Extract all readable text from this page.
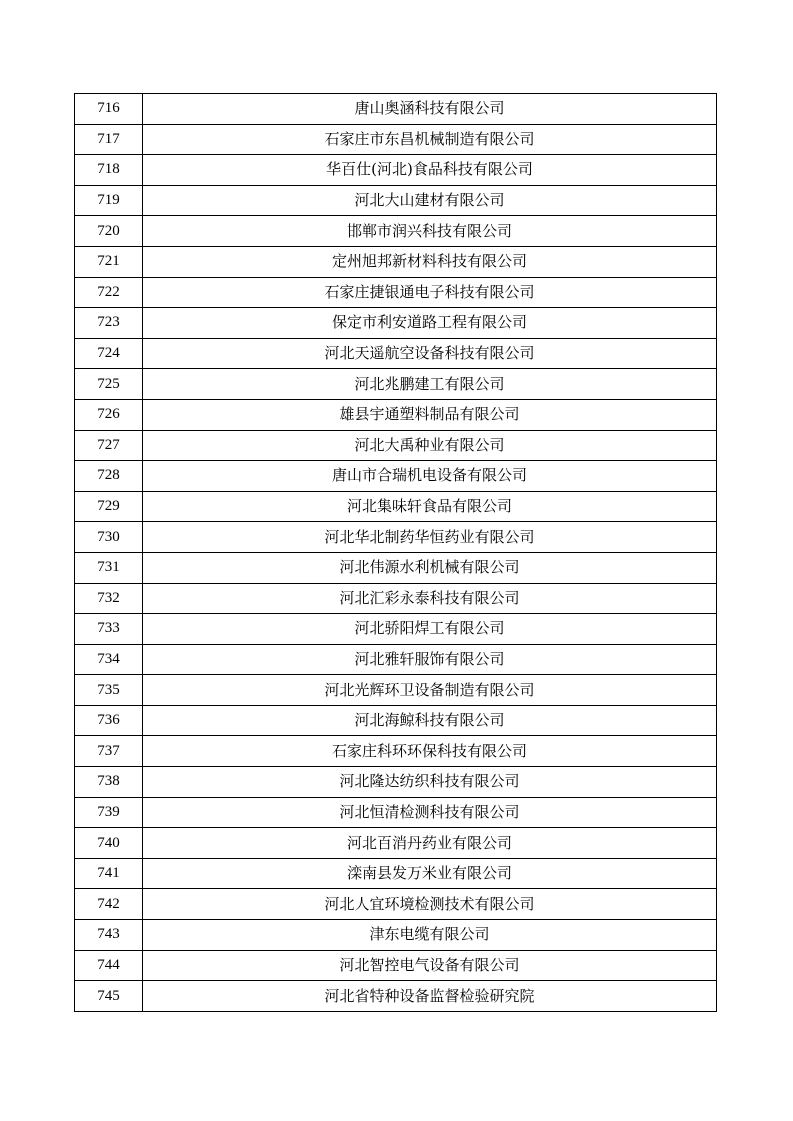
716	唐山奥涵科技有限公司
717	石家庄市东昌机械制造有限公司
718	华百仕(河北)食品科技有限公司
719	河北大山建材有限公司
720	邯郸市润兴科技有限公司
721	定州旭邦新材料科技有限公司
722	石家庄捷银通电子科技有限公司
723	保定市利安道路工程有限公司
724	河北天遥航空设备科技有限公司
725	河北兆鹏建工有限公司
726	雄县宇通塑料制品有限公司
727	河北大禹种业有限公司
728	唐山市合瑞机电设备有限公司
729	河北集味轩食品有限公司
730	河北华北制药华恒药业有限公司
731	河北伟源水利机械有限公司
732	河北汇彩永泰科技有限公司
733	河北骄阳焊工有限公司
734	河北雅轩服饰有限公司
735	河北光辉环卫设备制造有限公司
736	河北海鲸科技有限公司
737	石家庄科环环保科技有限公司
738	河北隆达纺织科技有限公司
739	河北恒清检测科技有限公司
740	河北百消丹药业有限公司
741	滦南县发万米业有限公司
742	河北人宜环境检测技术有限公司
743	津东电缆有限公司
744	河北智控电气设备有限公司
745	河北省特种设备监督检验研究院
